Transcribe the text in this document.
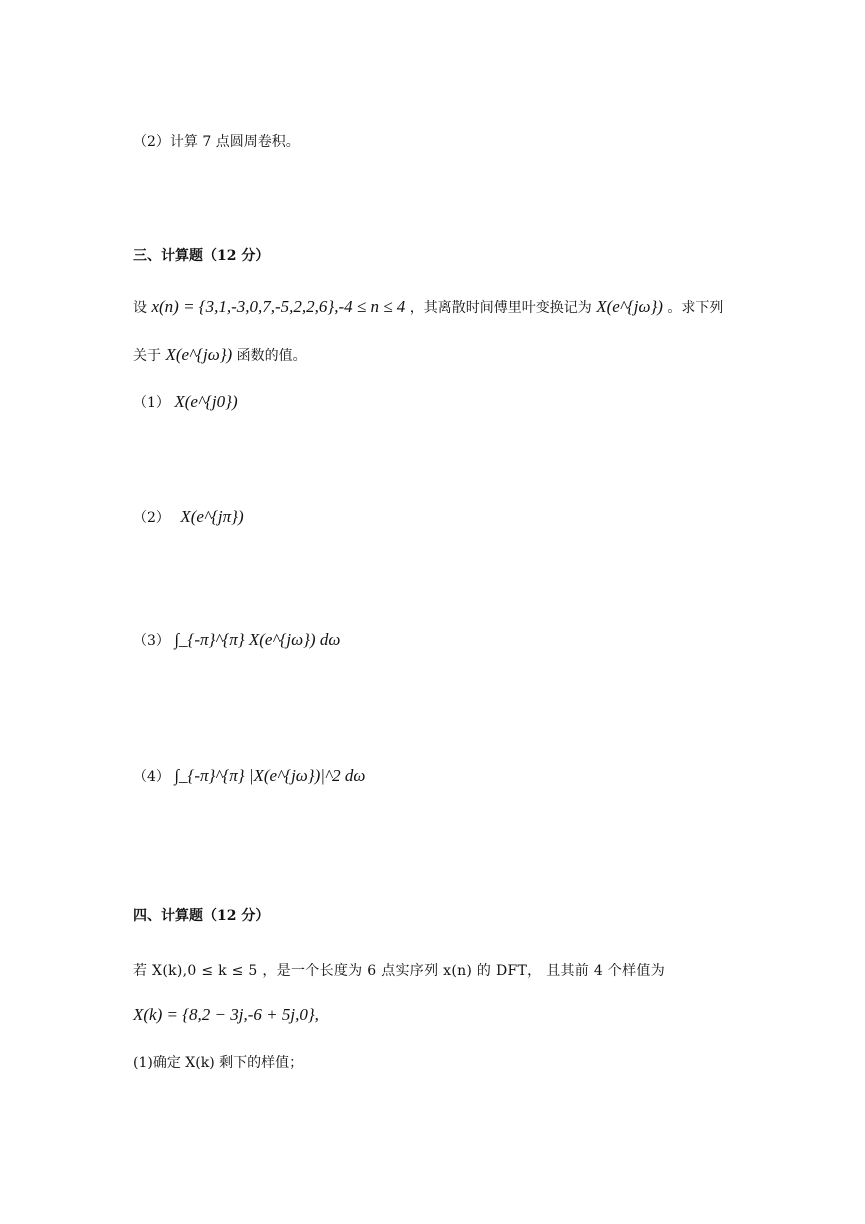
（2）计算 7 点圆周卷积。
三、计算题（12 分）
设 x(n) = {3,1,-3,0,7,-5,2,2,6},-4 ≤ n ≤ 4 ，其离散时间傅里叶变换记为 X(e^{jω}) 。求下列
关于 X(e^{jω}) 函数的值。
（1） X(e^{j0})
（2） X(e^{jπ})
（3） ∫_{-π}^{π} X(e^{jω}) dω
（4） ∫_{-π}^{π} |X(e^{jω})|^2 dω
四、计算题（12 分）
若 X(k),0 ≤ k ≤ 5 ，是一个长度为 6 点实序列 x(n) 的 DFT， 且其前 4 个样值为
X(k) = {8,2 − 3j,-6 + 5j,0},
(1)确定 X(k) 剩下的样值；
